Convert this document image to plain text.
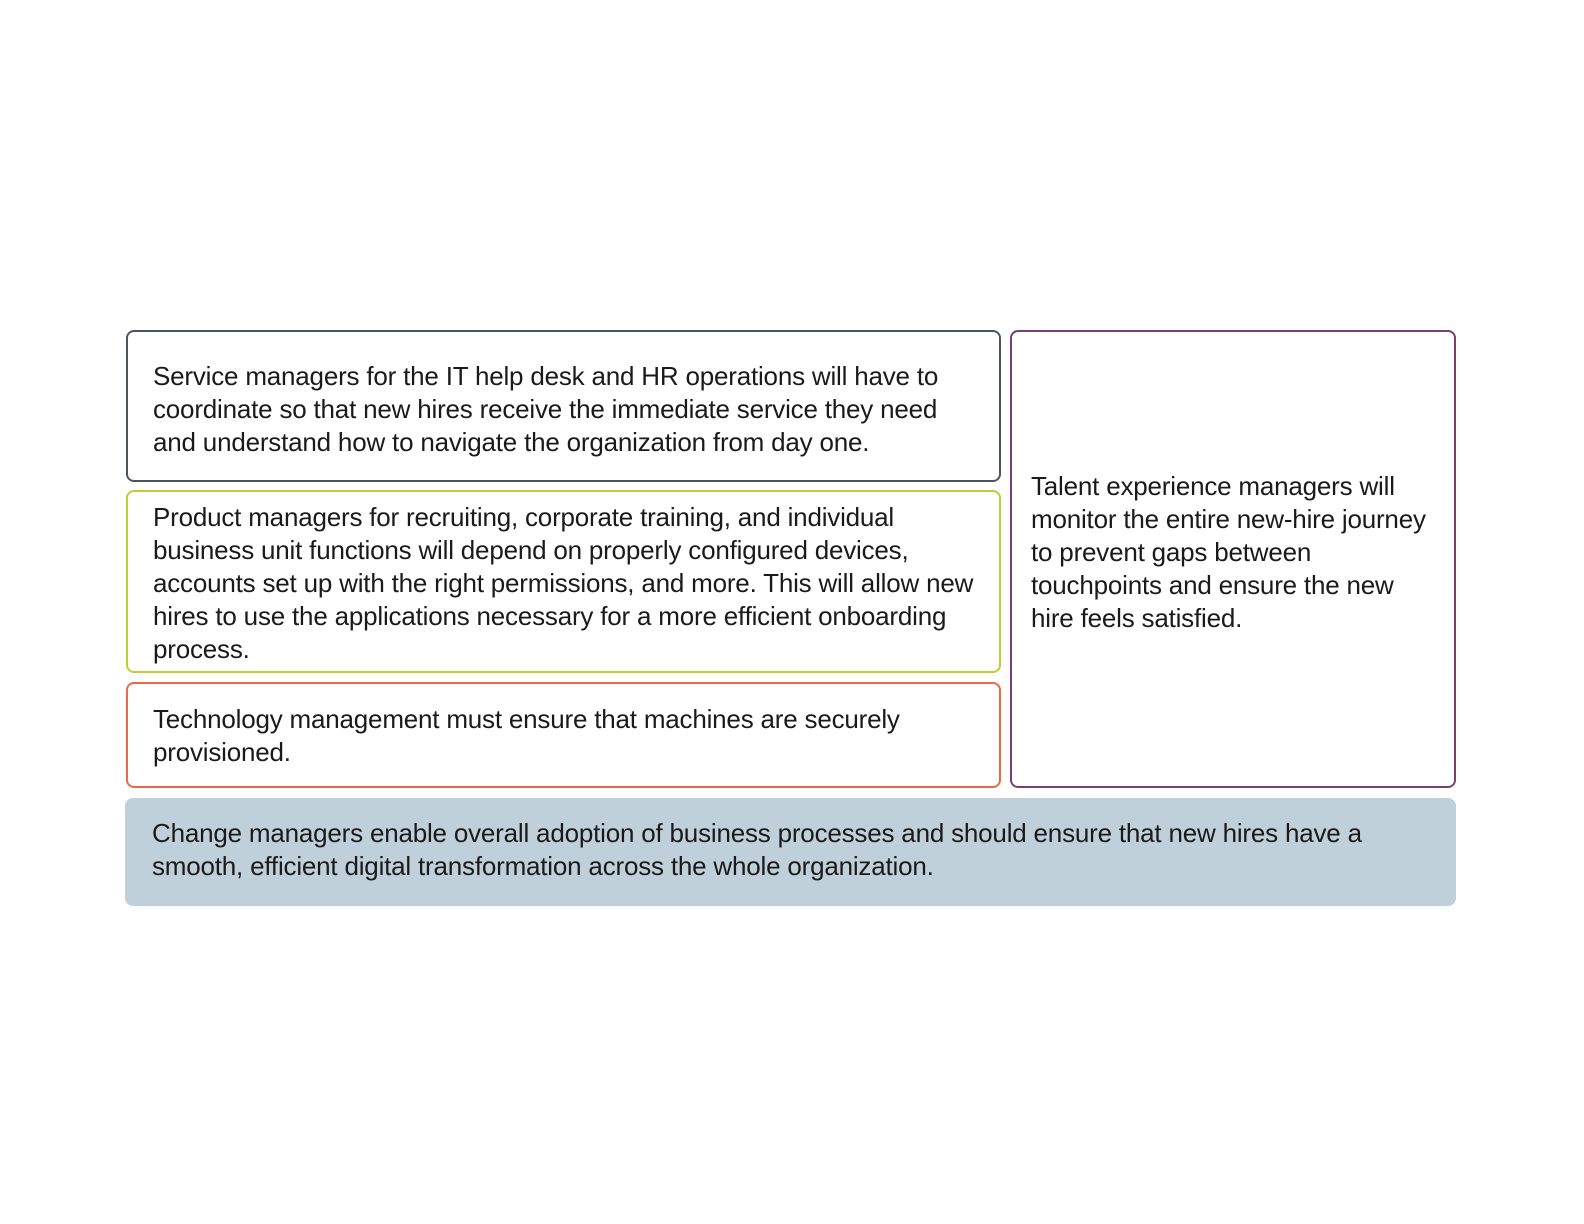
Service managers for the IT help desk and HR operations will have to coordinate so that new hires receive the immediate service they need and understand how to navigate the organization from day one.

Product managers for recruiting, corporate training, and individual business unit functions will depend on properly configured devices, accounts set up with the right permissions, and more. This will allow new hires to use the applications necessary for a more efficient onboarding process.

Technology management must ensure that machines are securely provisioned.

Talent experience managers will monitor the entire new-hire journey to prevent gaps between touchpoints and ensure the new hire feels satisfied.

Change managers enable overall adoption of business processes and should ensure that new hires have a smooth, efficient digital transformation across the whole organization.
